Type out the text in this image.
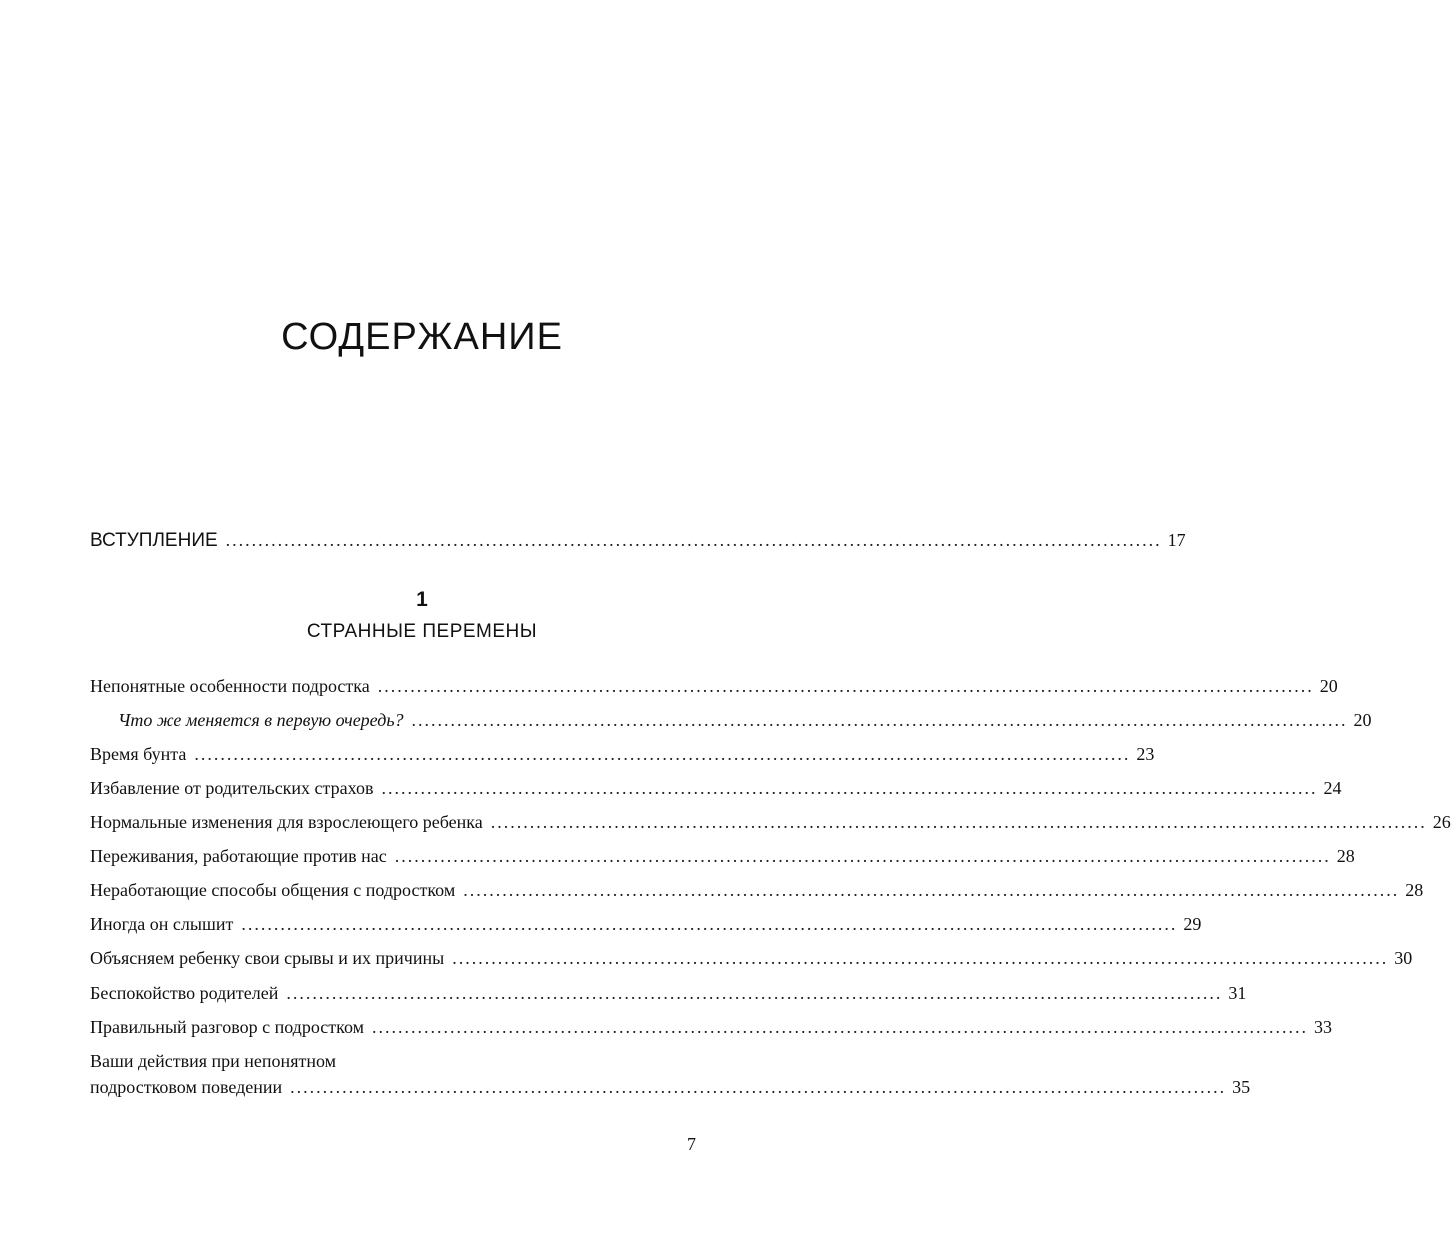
СОДЕРЖАНИЕ
ВСТУПЛЕНИЕ ................................................................................................................................................ 17
1
СТРАННЫЕ ПЕРЕМЕНЫ
Непонятные особенности подростка ................................................................................................................................................ 20
Что же меняется в первую очередь? ................................................................................................................................................ 20
Время бунта ................................................................................................................................................ 23
Избавление от родительских страхов ................................................................................................................................................ 24
Нормальные изменения для взрослеющего ребенка ................................................................................................................................................ 26
Переживания, работающие против нас ................................................................................................................................................ 28
Неработающие способы общения с подростком ................................................................................................................................................ 28
Иногда он слышит ................................................................................................................................................ 29
Объясняем ребенку свои срывы и их причины ................................................................................................................................................ 30
Беспокойство родителей ................................................................................................................................................ 31
Правильный разговор с подростком ................................................................................................................................................ 33
Ваши действия при непонятном
подростковом поведении ................................................................................................................................................ 35
7
